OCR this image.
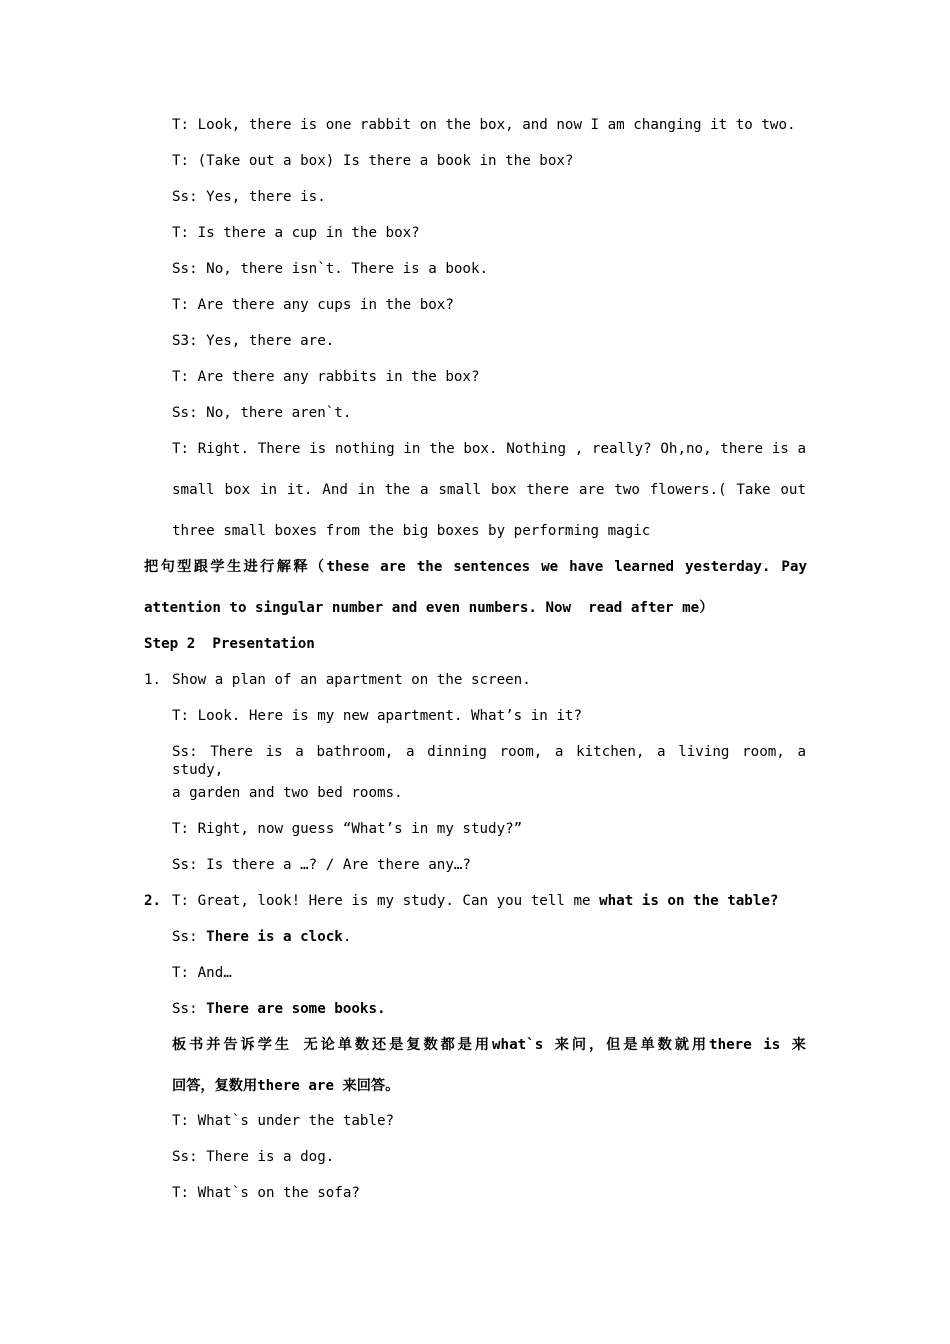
T: Look, there is one rabbit on the box, and now I am changing it to two.
T: (Take out a box) Is there a book in the box?
Ss: Yes, there is.
T: Is there a cup in the box?
Ss: No, there isn`t. There is a book.
T: Are there any cups in the box?
S3: Yes, there are.
T: Are there any rabbits in the box?
Ss: No, there aren`t.
T: Right. There is nothing in the box. Nothing , really? Oh,no, there is a
small box in it. And in the a small box there are two flowers.( Take out
three small boxes from the big boxes by performing magic
把句型跟学生进行解释（these are the sentences we have learned yesterday. Pay
attention to singular number and even numbers. Now  read after me）
Step 2  Presentation
1. Show a plan of an apartment on the screen.
T: Look. Here is my new apartment. What’s in it?
Ss: There is a bathroom, a dinning room, a kitchen, a living room, a study,
a garden and two bed rooms.
T: Right, now guess “What’s in my study?”
Ss: Is there a …? / Are there any…?
2. T: Great, look! Here is my study. Can you tell me what is on the table?
Ss: There is a clock.
T: And…
Ss: There are some books.
板书并告诉学生 无论单数还是复数都是用what`s 来问，但是单数就用there is 来
回答，复数用there are 来回答。
T: What`s under the table?
Ss: There is a dog.
T: What`s on the sofa?
